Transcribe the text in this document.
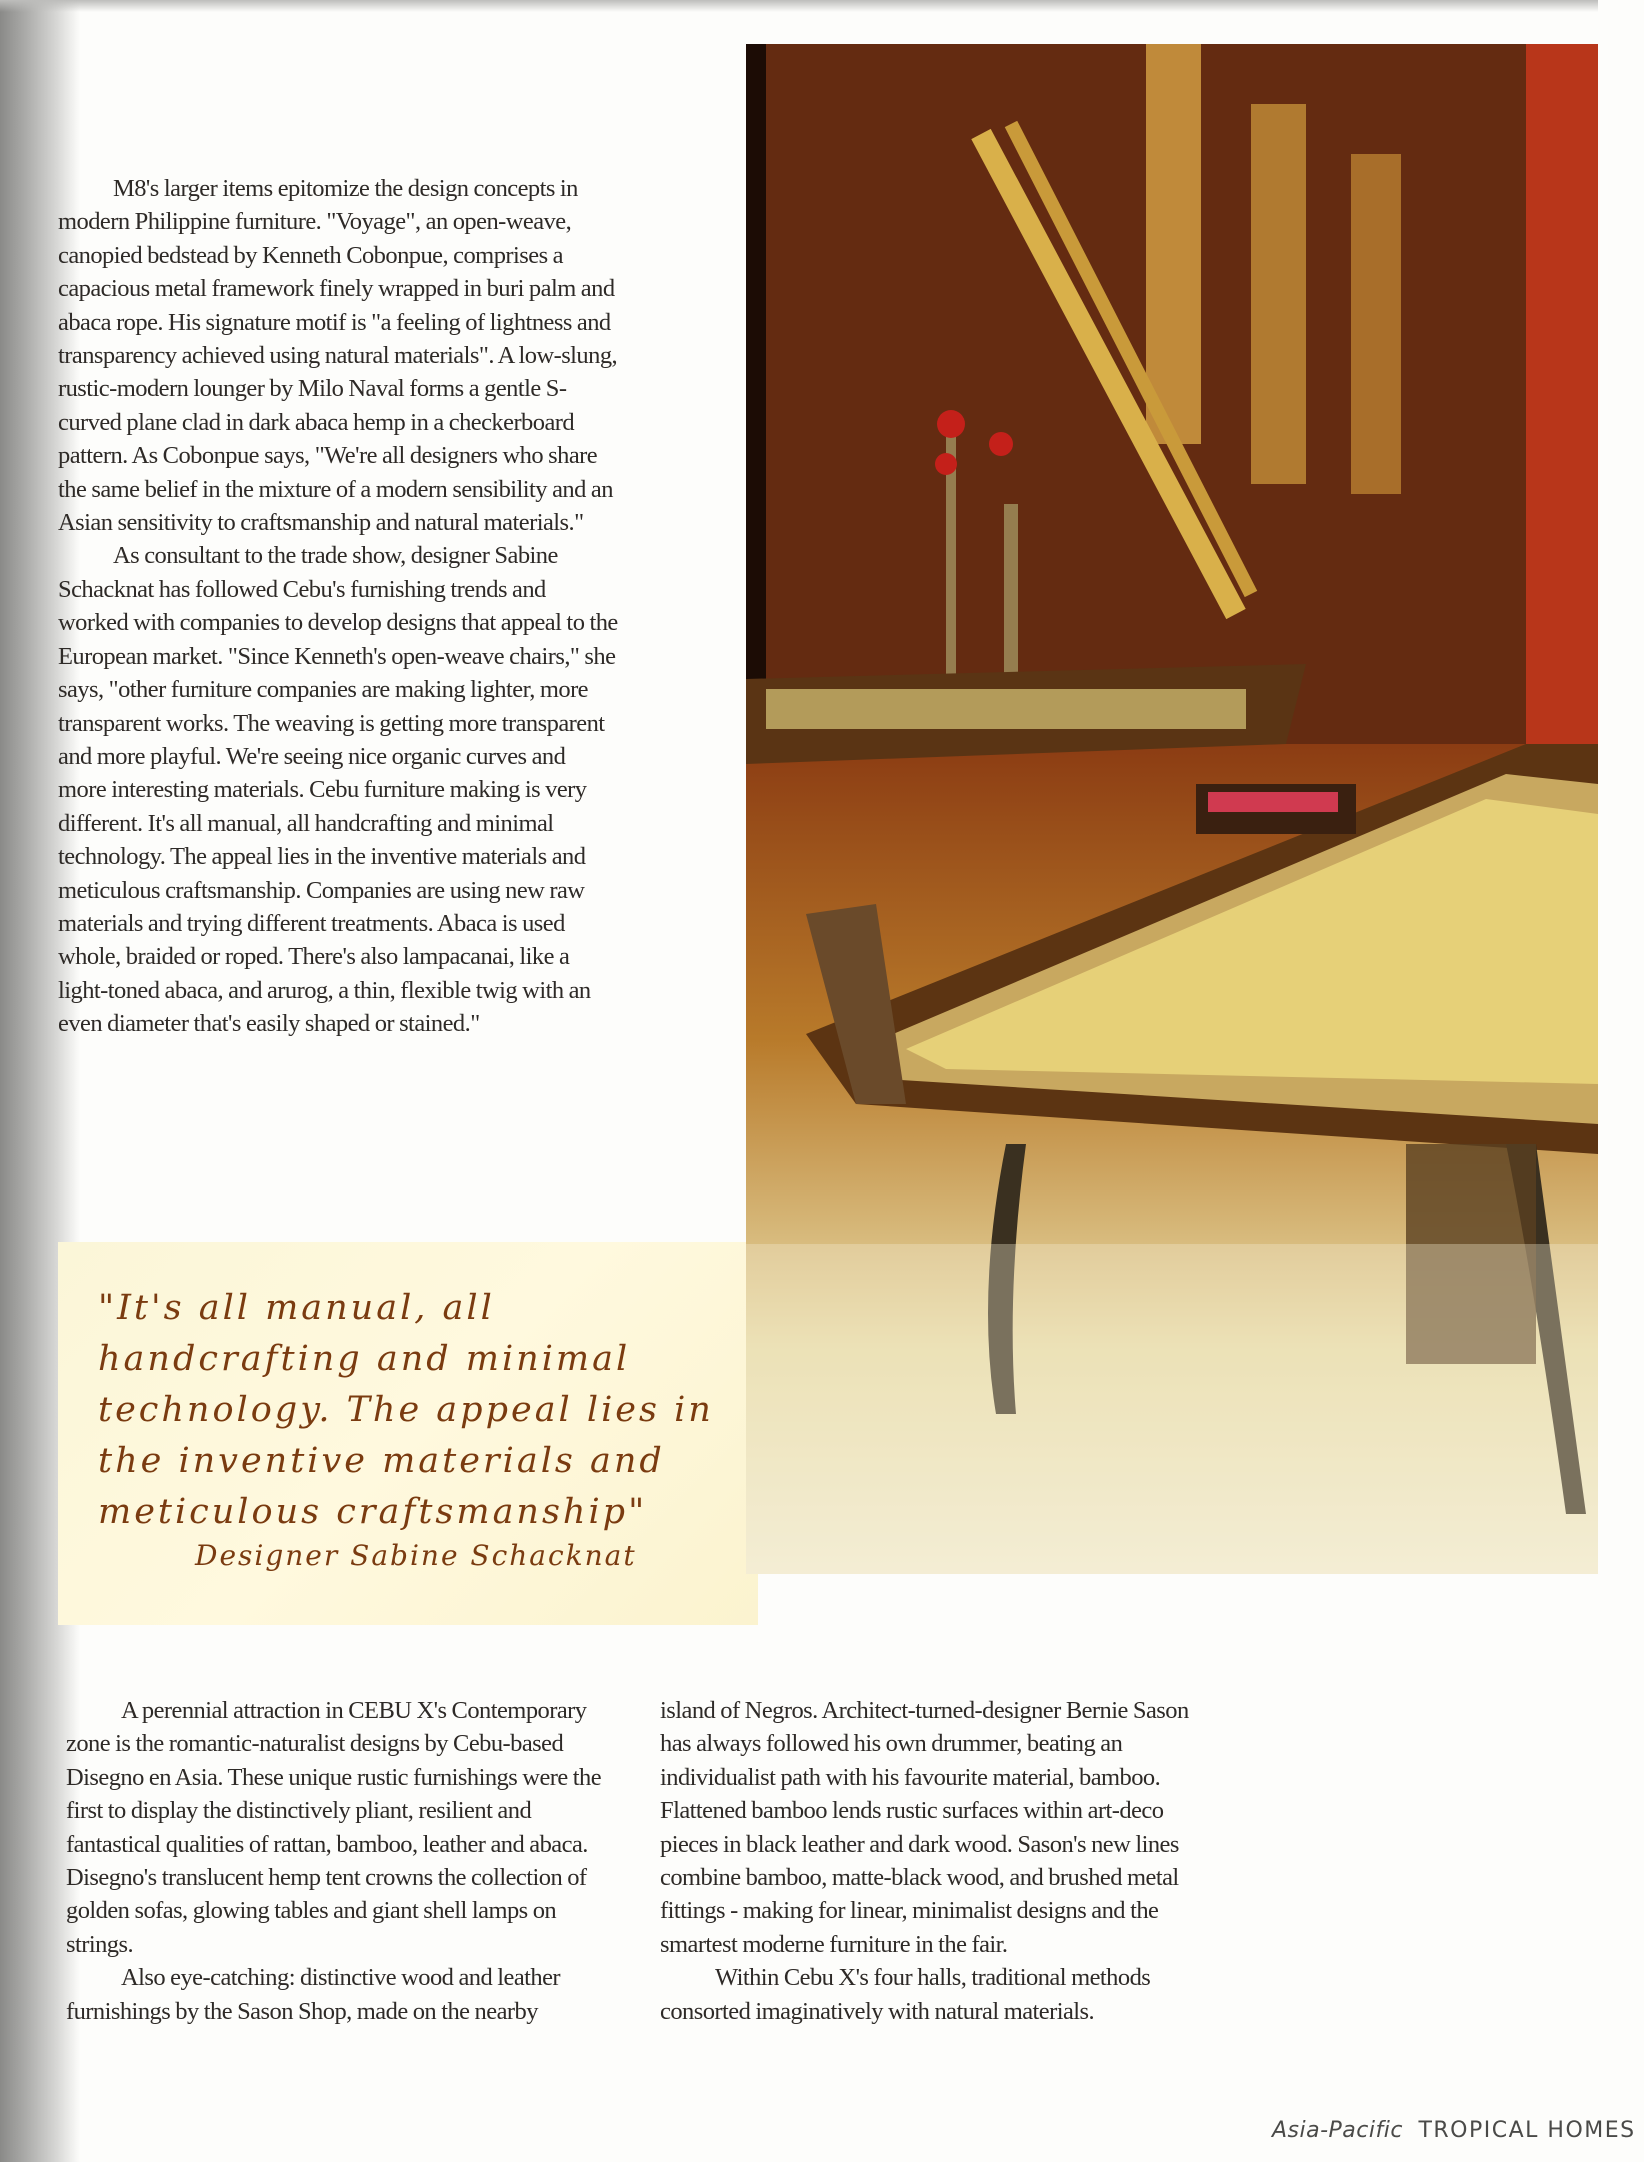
M8's larger items epitomize the design concepts in modern Philippine furniture. "Voyage", an open-weave, canopied bedstead by Kenneth Cobonpue, comprises a capacious metal framework finely wrapped in buri palm and abaca rope. His signature motif is "a feeling of lightness and transparency achieved using natural materials". A low-slung, rustic-modern lounger by Milo Naval forms a gentle S-curved plane clad in dark abaca hemp in a checkerboard pattern. As Cobonpue says, "We're all designers who share the same belief in the mixture of a modern sensibility and an Asian sensitivity to craftsmanship and natural materials."

As consultant to the trade show, designer Sabine Schacknat has followed Cebu's furnishing trends and worked with companies to develop designs that appeal to the European market. "Since Kenneth's open-weave chairs," she says, "other furniture companies are making lighter, more transparent works. The weaving is getting more transparent and more playful. We're seeing nice organic curves and more interesting materials. Cebu furniture making is very different. It's all manual, all handcrafting and minimal technology. The appeal lies in the inventive materials and meticulous craftsmanship. Companies are using new raw materials and trying different treatments. Abaca is used whole, braided or roped. There's also lampacanai, like a light-toned abaca, and arurog, a thin, flexible twig with an even diameter that's easily shaped or stained."

"It's all manual, all handcrafting and minimal technology. The appeal lies in the inventive materials and meticulous craftsmanship"
Designer Sabine Schacknat

A perennial attraction in CEBU X's Contemporary zone is the romantic-naturalist designs by Cebu-based Disegno en Asia. These unique rustic furnishings were the first to display the distinctively pliant, resilient and fantastical qualities of rattan, bamboo, leather and abaca. Disegno's translucent hemp tent crowns the collection of golden sofas, glowing tables and giant shell lamps on strings.

Also eye-catching: distinctive wood and leather furnishings by the Sason Shop, made on the nearby

island of Negros. Architect-turned-designer Bernie Sason has always followed his own drummer, beating an individualist path with his favourite material, bamboo. Flattened bamboo lends rustic surfaces within art-deco pieces in black leather and dark wood. Sason's new lines combine bamboo, matte-black wood, and brushed metal fittings - making for linear, minimalist designs and the smartest moderne furniture in the fair.

Within Cebu X's four halls, traditional methods consorted imaginatively with natural materials.

Asia-Pacific TROPICAL HOMES
